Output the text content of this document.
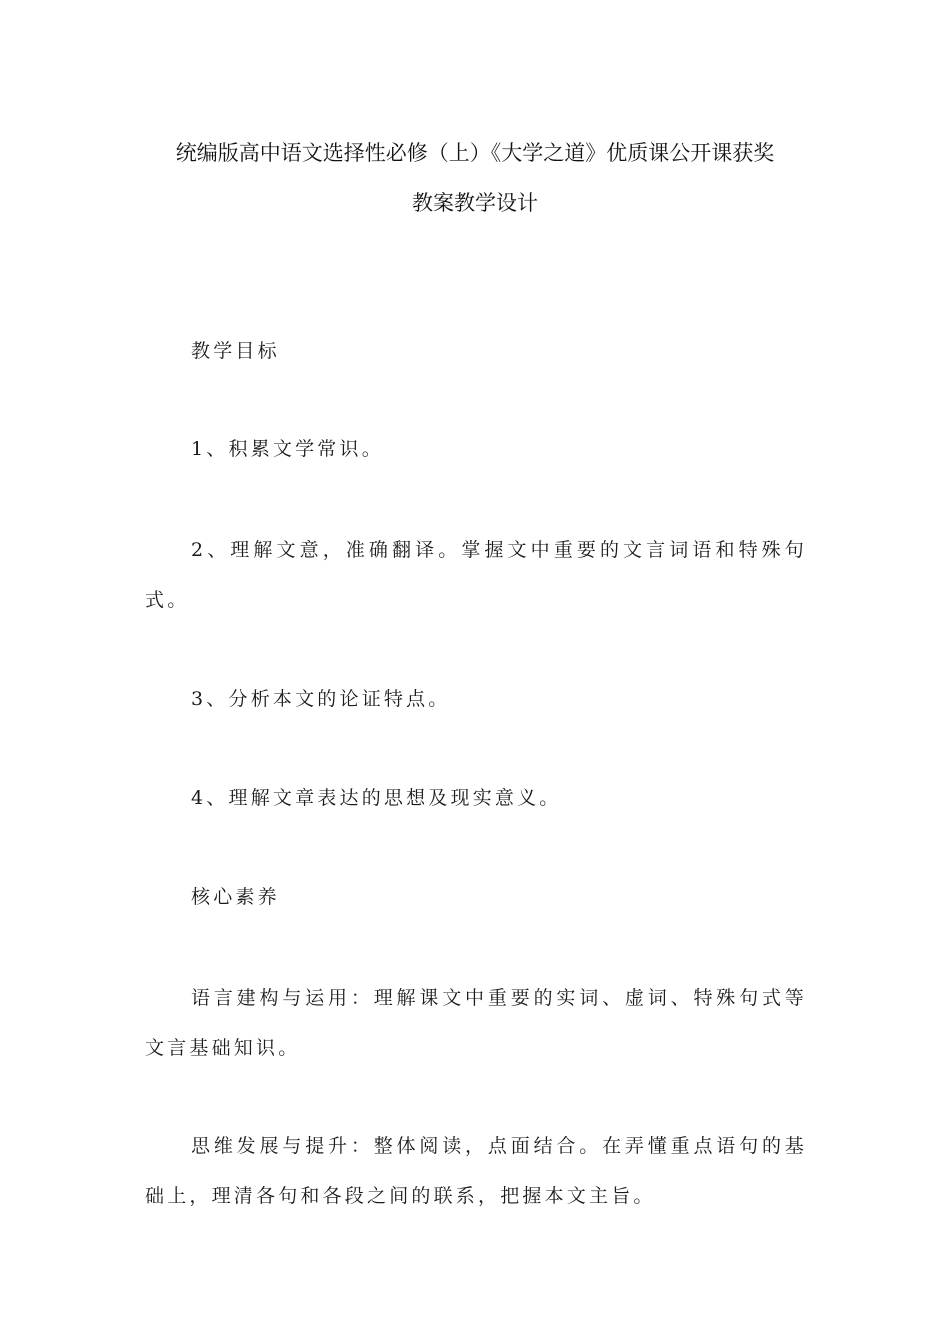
统编版高中语文选择性必修（上）《大学之道》优质课公开课获奖
教案教学设计
教学目标
1、积累文学常识。
2、理解文意，准确翻译。掌握文中重要的文言词语和特殊句式。
3、分析本文的论证特点。
4、理解文章表达的思想及现实意义。
核心素养
语言建构与运用：理解课文中重要的实词、虚词、特殊句式等文言基础知识。
思维发展与提升：整体阅读，点面结合。在弄懂重点语句的基础上，理清各句和各段之间的联系，把握本文主旨。
